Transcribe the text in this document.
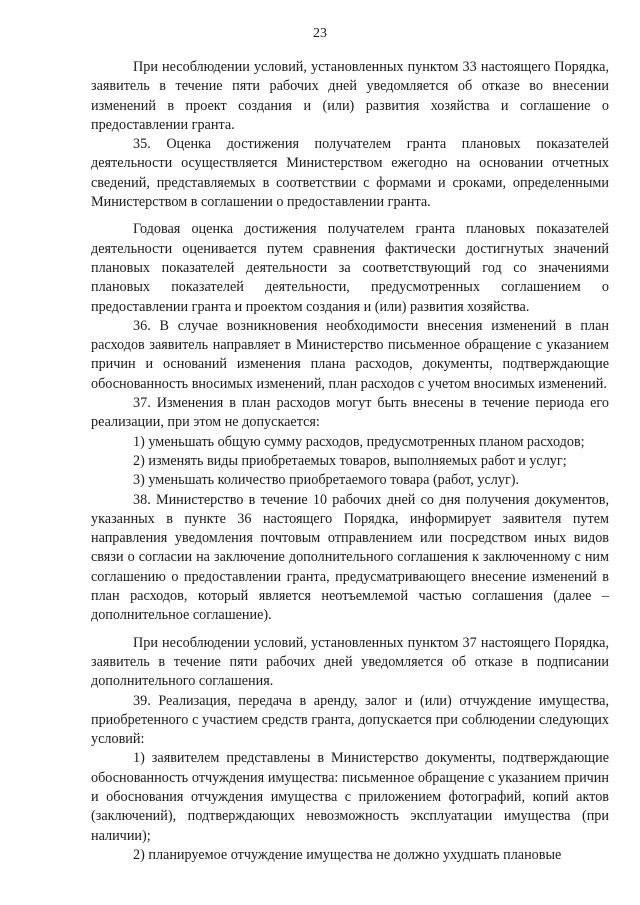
23

При несоблюдении условий, установленных пунктом 33 настоящего Порядка, заявитель в течение пяти рабочих дней уведомляется об отказе во внесении изменений в проект создания и (или) развития хозяйства и соглашение о предоставлении гранта.

35. Оценка достижения получателем гранта плановых показателей деятельности осуществляется Министерством ежегодно на основании отчетных сведений, представляемых в соответствии с формами и сроками, определенными Министерством в соглашении о предоставлении гранта.

Годовая оценка достижения получателем гранта плановых показателей деятельности оценивается путем сравнения фактически достигнутых значений плановых показателей деятельности за соответствующий год со значениями плановых показателей деятельности, предусмотренных соглашением о предоставлении гранта и проектом создания и (или) развития хозяйства.

36. В случае возникновения необходимости внесения изменений в план расходов заявитель направляет в Министерство письменное обращение с указанием причин и оснований изменения плана расходов, документы, подтверждающие обоснованность вносимых изменений, план расходов с учетом вносимых изменений.

37. Изменения в план расходов могут быть внесены в течение периода его реализации, при этом не допускается:

1) уменьшать общую сумму расходов, предусмотренных планом расходов;

2) изменять виды приобретаемых товаров, выполняемых работ и услуг;

3) уменьшать количество приобретаемого товара (работ, услуг).

38. Министерство в течение 10 рабочих дней со дня получения документов, указанных в пункте 36 настоящего Порядка, информирует заявителя путем направления уведомления почтовым отправлением или посредством иных видов связи о согласии на заключение дополнительного соглашения к заключенному с ним соглашению о предоставлении гранта, предусматривающего внесение изменений в план расходов, который является неотъемлемой частью соглашения (далее – дополнительное соглашение).

При несоблюдении условий, установленных пунктом 37 настоящего Порядка, заявитель в течение пяти рабочих дней уведомляется об отказе в подписании дополнительного соглашения.

39. Реализация, передача в аренду, залог и (или) отчуждение имущества, приобретенного с участием средств гранта, допускается при соблюдении следующих условий:

1) заявителем представлены в Министерство документы, подтверждающие обоснованность отчуждения имущества: письменное обращение с указанием причин и обоснования отчуждения имущества с приложением фотографий, копий актов (заключений), подтверждающих невозможность эксплуатации имущества (при наличии);

2) планируемое отчуждение имущества не должно ухудшать плановые
